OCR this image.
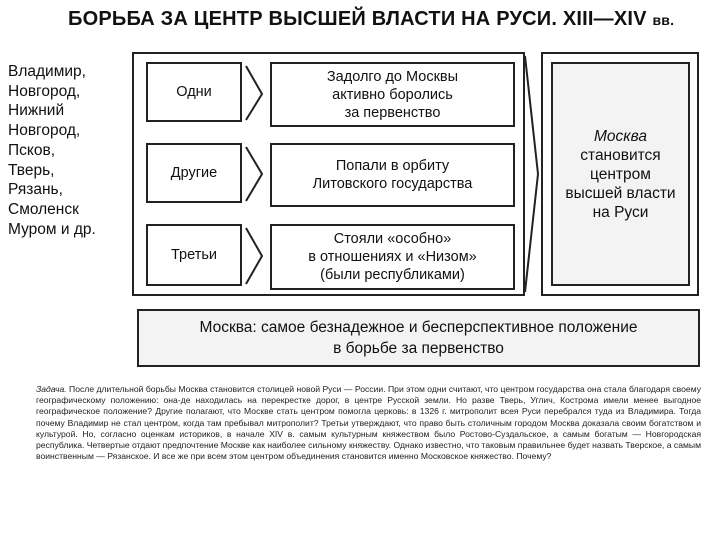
БОРЬБА ЗА ЦЕНТР ВЫСШЕЙ ВЛАСТИ НА РУСИ. XIII—XIV вв.
Владимир,
Новгород,
Нижний
Новгород,
Псков,
Тверь,
Рязань,
Смоленск
Муром и др.
Одни
Другие
Третьи
Задолго до Москвы
активно боролись
за первенство
Попали в орбиту
Литовского государства
Стояли «особно»
в отношениях и «Низом»
(были республиками)
Москва
становится
центром
высшей власти
на Руси
Москва: самое безнадежное и бесперспективное положение
в борьбе за первенство
Задача. После длительной борьбы Москва становится столицей новой Руси — России. При этом одни считают, что центром государства она стала благодаря своему географическому положению: она-де находилась на перекрестке дорог, в центре Русской земли. Но разве Тверь, Углич, Кострома имели менее выгодное географическое положение? Другие полагают, что Москве стать центром помогла церковь: в 1326 г. митрополит всея Руси перебрался туда из Владимира. Тогда почему Владимир не стал центром, когда там пребывал митрополит? Третьи утверждают, что право быть столичным городом Москва доказала своим богатством и культурой. Но, согласно оценкам историков, в начале XIV в. самым культурным княжеством было Ростово-Суздальское, а самым богатым — Новгородская республика. Четвертые отдают предпочтение Москве как наиболее сильному княжеству. Однако известно, что таковым правильнее будет назвать Тверское, а самым воинственным — Рязанское. И все же при всем этом центром объединения становится именно Московское княжество. Почему?
